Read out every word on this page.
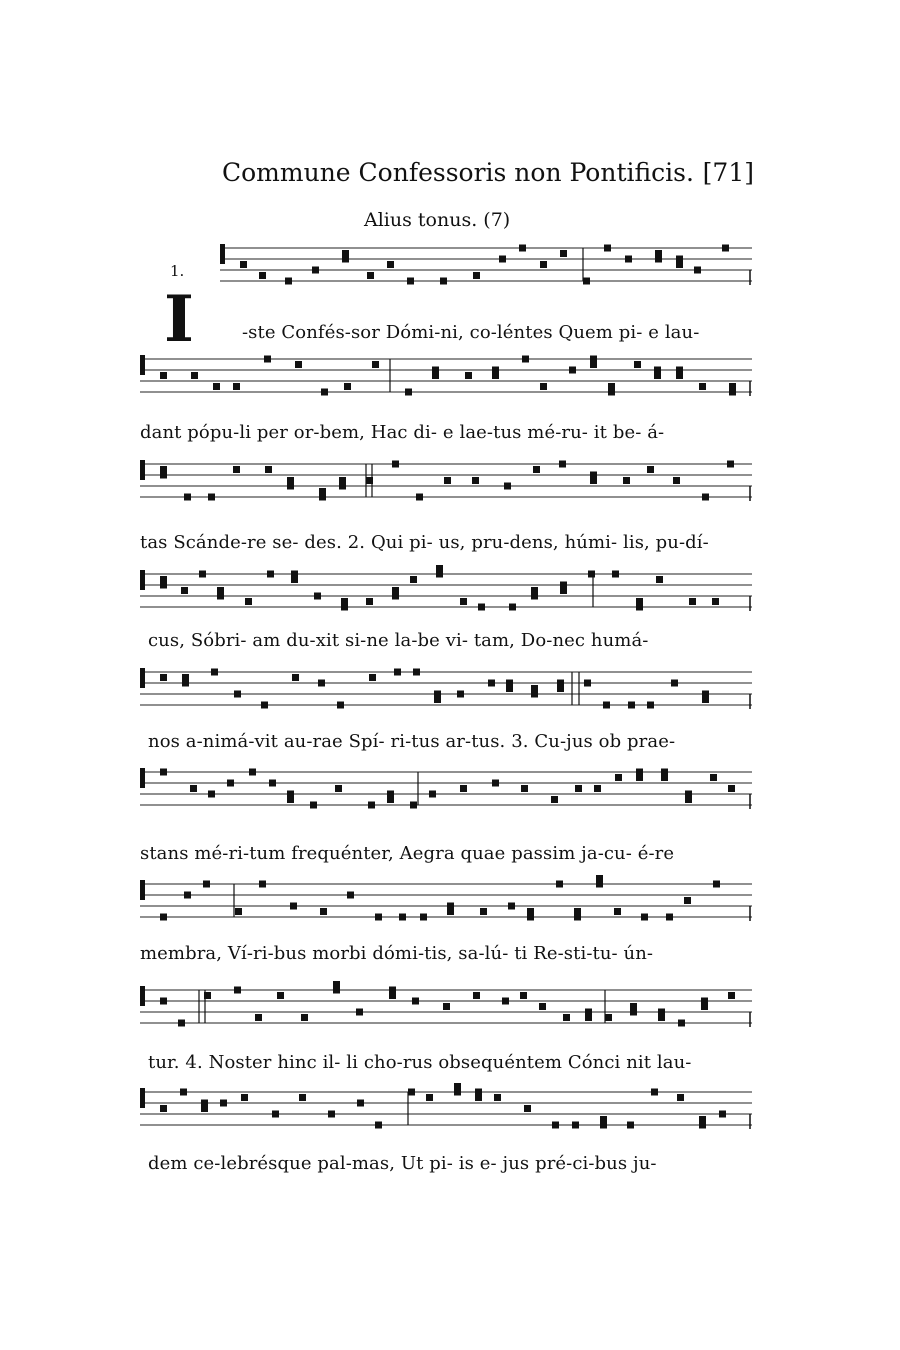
Commune Confessoris non Pontificis. [71]
Alius tonus. (7)
1.
I	-ste Confés-sor Dómi-ni, co-léntes Quem pi- e lau-
dant pópu-li per or-bem, Hac di- e lae-tus mé-ru- it be- á-
tas Scánde-re se- des. 2. Qui pi- us, pru-dens, húmi- lis, pu-dí-
cus, Sóbri- am du-xit si-ne la-be vi- tam, Do-nec humá-
nos a-nimá-vit au-rae Spí- ri-tus ar-tus. 3. Cu-jus ob prae-
stans mé-ri-tum frequénter, Aegra quae passim ja-cu- é-re
membra, Ví-ri-bus morbi dómi-tis, sa-lú- ti Re-sti-tu- ún-
tur. 4. Noster hinc il- li cho-rus obsequéntem Cónci nit lau-
dem ce-lebrésque pal-mas, Ut pi- is e- jus pré-ci-bus ju-
